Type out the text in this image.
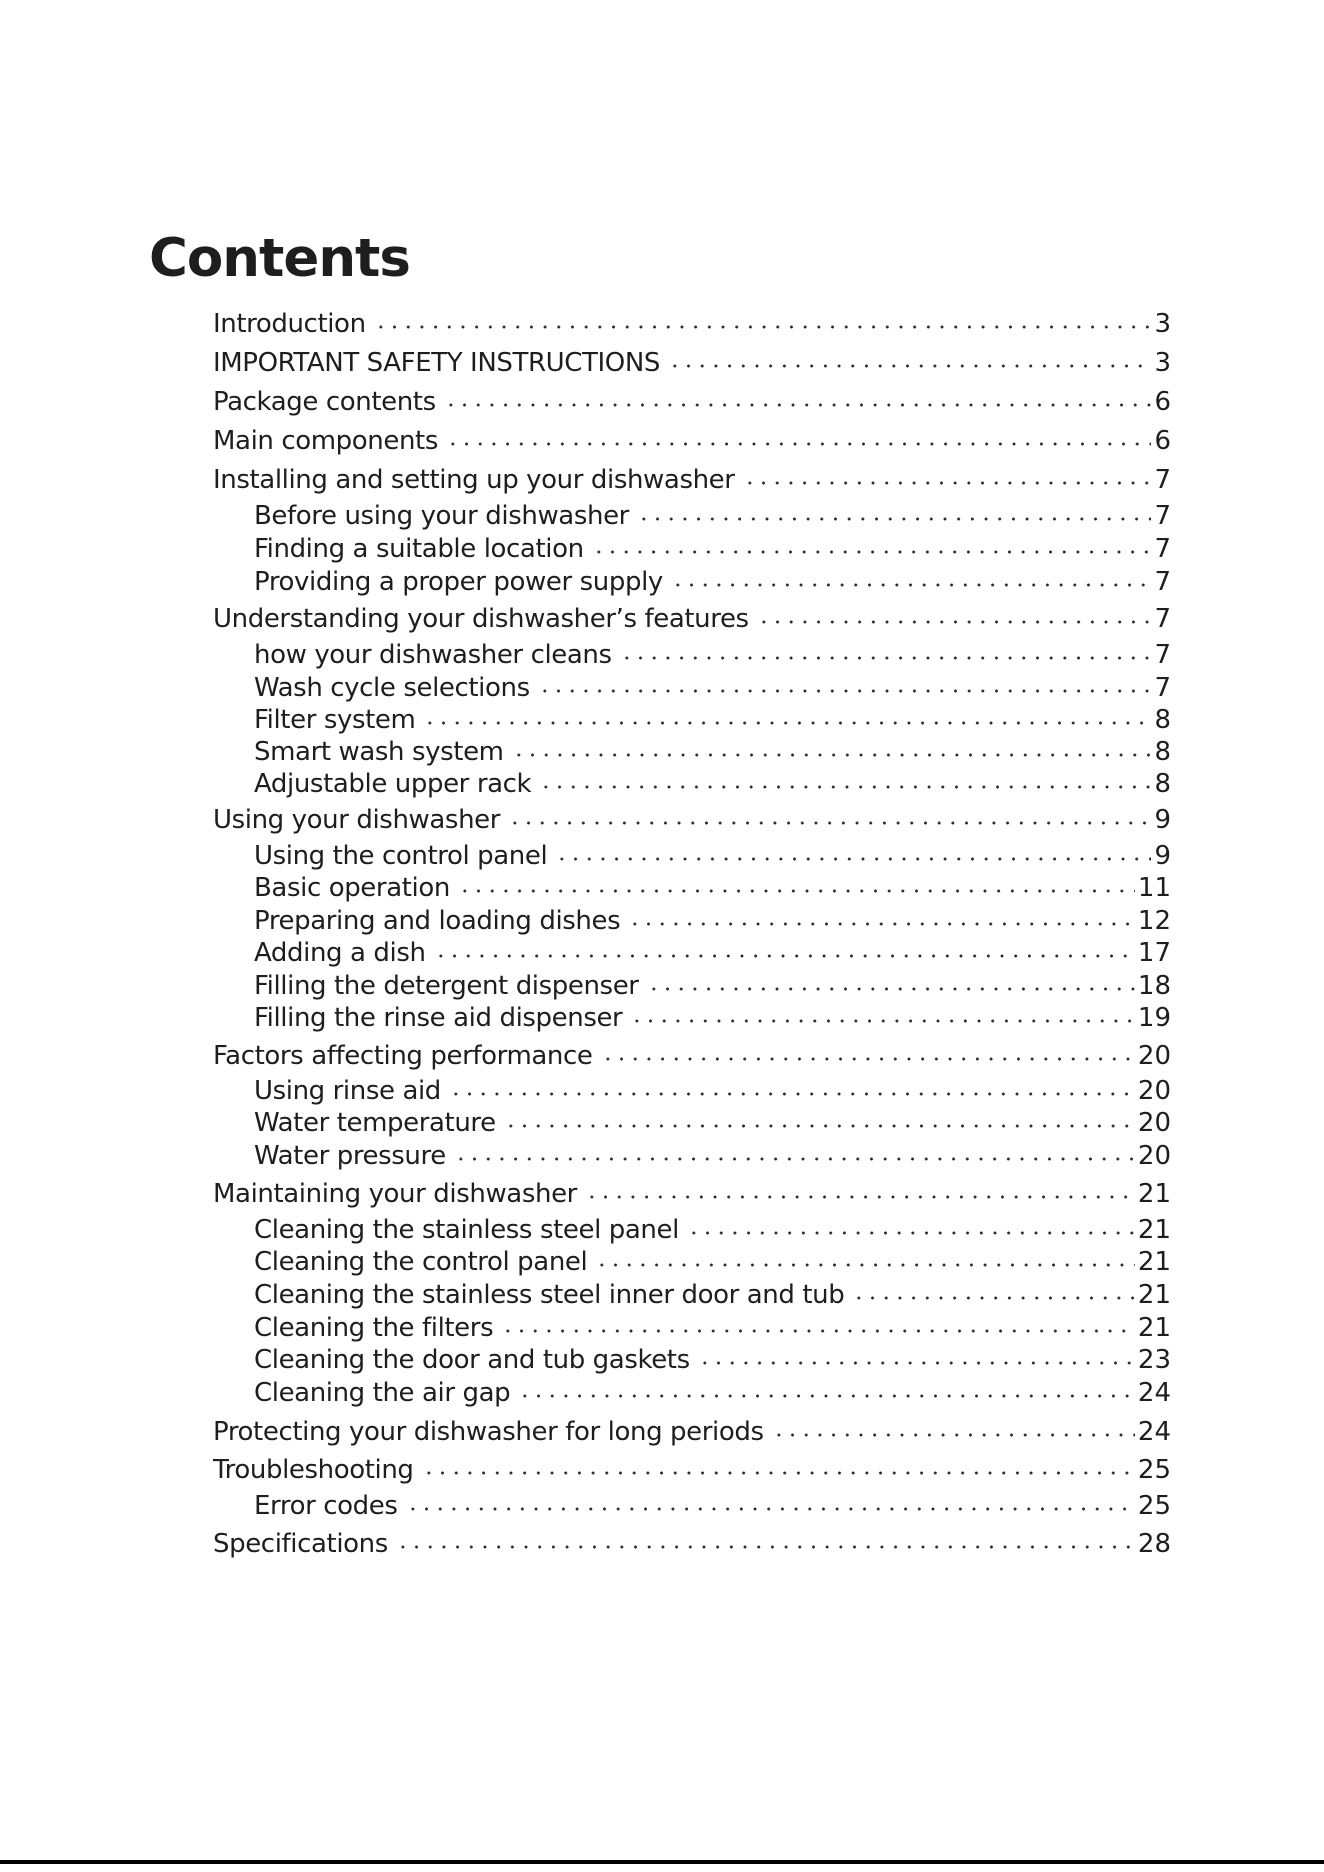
Contents
Introduction	3
IMPORTANT SAFETY INSTRUCTIONS	3
Package contents	6
Main components	6
Installing and setting up your dishwasher	7
Before using your dishwasher	7
Finding a suitable location	7
Providing a proper power supply	7
Understanding your dishwasher’s features	7
how your dishwasher cleans	7
Wash cycle selections	7
Filter system	8
Smart wash system	8
Adjustable upper rack	8
Using your dishwasher	9
Using the control panel	9
Basic operation	11
Preparing and loading dishes	12
Adding a dish	17
Filling the detergent dispenser	18
Filling the rinse aid dispenser	19
Factors affecting performance	20
Using rinse aid	20
Water temperature	20
Water pressure	20
Maintaining your dishwasher	21
Cleaning the stainless steel panel	21
Cleaning the control panel	21
Cleaning the stainless steel inner door and tub	21
Cleaning the filters	21
Cleaning the door and tub gaskets	23
Cleaning the air gap	24
Protecting your dishwasher for long periods	24
Troubleshooting	25
Error codes	25
Specifications	28
